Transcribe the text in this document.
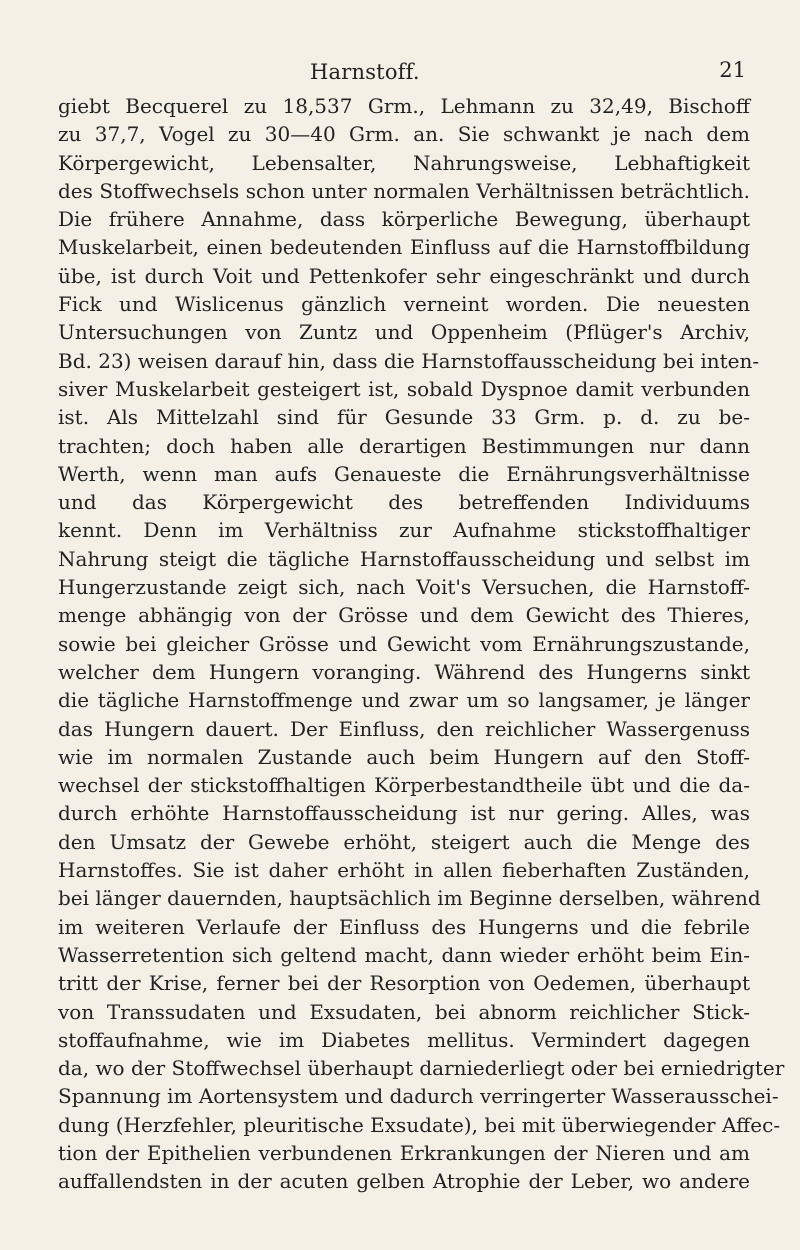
Harnstoff.	21
giebt Becquerel zu 18,537 Grm., Lehmann zu 32,49, Bischoff
zu 37,7, Vogel zu 30—40 Grm. an. Sie schwankt je nach dem
Körpergewicht, Lebensalter, Nahrungsweise, Lebhaftigkeit
des Stoffwechsels schon unter normalen Verhältnissen beträchtlich.
Die frühere Annahme, dass körperliche Bewegung, überhaupt
Muskelarbeit, einen bedeutenden Einfluss auf die Harnstoffbildung
übe, ist durch Voit und Pettenkofer sehr eingeschränkt und durch
Fick und Wislicenus gänzlich verneint worden. Die neuesten
Untersuchungen von Zuntz und Oppenheim (Pflüger's Archiv,
Bd. 23) weisen darauf hin, dass die Harnstoffausscheidung bei inten-
siver Muskelarbeit gesteigert ist, sobald Dyspnoe damit verbunden
ist. Als Mittelzahl sind für Gesunde 33 Grm. p. d. zu be-
trachten; doch haben alle derartigen Bestimmungen nur dann
Werth, wenn man aufs Genaueste die Ernährungsverhältnisse
und das Körpergewicht des betreffenden Individuums
kennt. Denn im Verhältniss zur Aufnahme stickstoffhaltiger
Nahrung steigt die tägliche Harnstoffausscheidung und selbst im
Hungerzustande zeigt sich, nach Voit's Versuchen, die Harnstoff-
menge abhängig von der Grösse und dem Gewicht des Thieres,
sowie bei gleicher Grösse und Gewicht vom Ernährungszustande,
welcher dem Hungern voranging. Während des Hungerns sinkt
die tägliche Harnstoffmenge und zwar um so langsamer, je länger
das Hungern dauert. Der Einfluss, den reichlicher Wassergenuss
wie im normalen Zustande auch beim Hungern auf den Stoff-
wechsel der stickstoffhaltigen Körperbestandtheile übt und die da-
durch erhöhte Harnstoffausscheidung ist nur gering. Alles, was
den Umsatz der Gewebe erhöht, steigert auch die Menge des
Harnstoffes. Sie ist daher erhöht in allen fieberhaften Zuständen,
bei länger dauernden, hauptsächlich im Beginne derselben, während
im weiteren Verlaufe der Einfluss des Hungerns und die febrile
Wasserretention sich geltend macht, dann wieder erhöht beim Ein-
tritt der Krise, ferner bei der Resorption von Oedemen, überhaupt
von Transsudaten und Exsudaten, bei abnorm reichlicher Stick-
stoffaufnahme, wie im Diabetes mellitus. Vermindert dagegen
da, wo der Stoffwechsel überhaupt darniederliegt oder bei erniedrigter
Spannung im Aortensystem und dadurch verringerter Wasserausschei-
dung (Herzfehler, pleuritische Exsudate), bei mit überwiegender Affec-
tion der Epithelien verbundenen Erkrankungen der Nieren und am
auffallendsten in der acuten gelben Atrophie der Leber, wo andere
